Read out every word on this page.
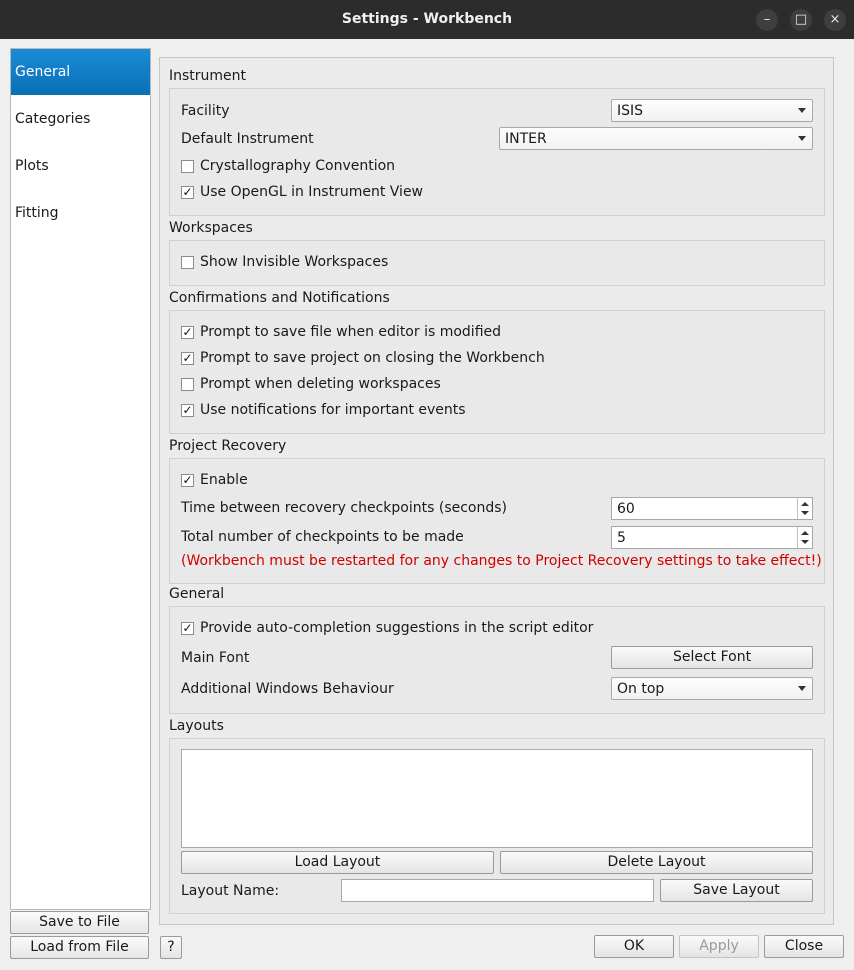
Settings - Workbench	–	□	×
General
Categories
Plots
Fitting
Save to File
Load from File
Instrument
Facility	ISIS
Default Instrument	INTER
Crystallography Convention
✓ Use OpenGL in Instrument View
Workspaces
Show Invisible Workspaces
Confirmations and Notifications
✓ Prompt to save file when editor is modified
✓ Prompt to save project on closing the Workbench
Prompt when deleting workspaces
✓ Use notifications for important events
Project Recovery
✓ Enable
Time between recovery checkpoints (seconds)	60
Total number of checkpoints to be made	5
(Workbench must be restarted for any changes to Project Recovery settings to take effect!)
General
✓ Provide auto-completion suggestions in the script editor
Main Font	Select Font
Additional Windows Behaviour	On top
Layouts
Load Layout	Delete Layout
Layout Name:	Save Layout
?	OK	Apply	Close
